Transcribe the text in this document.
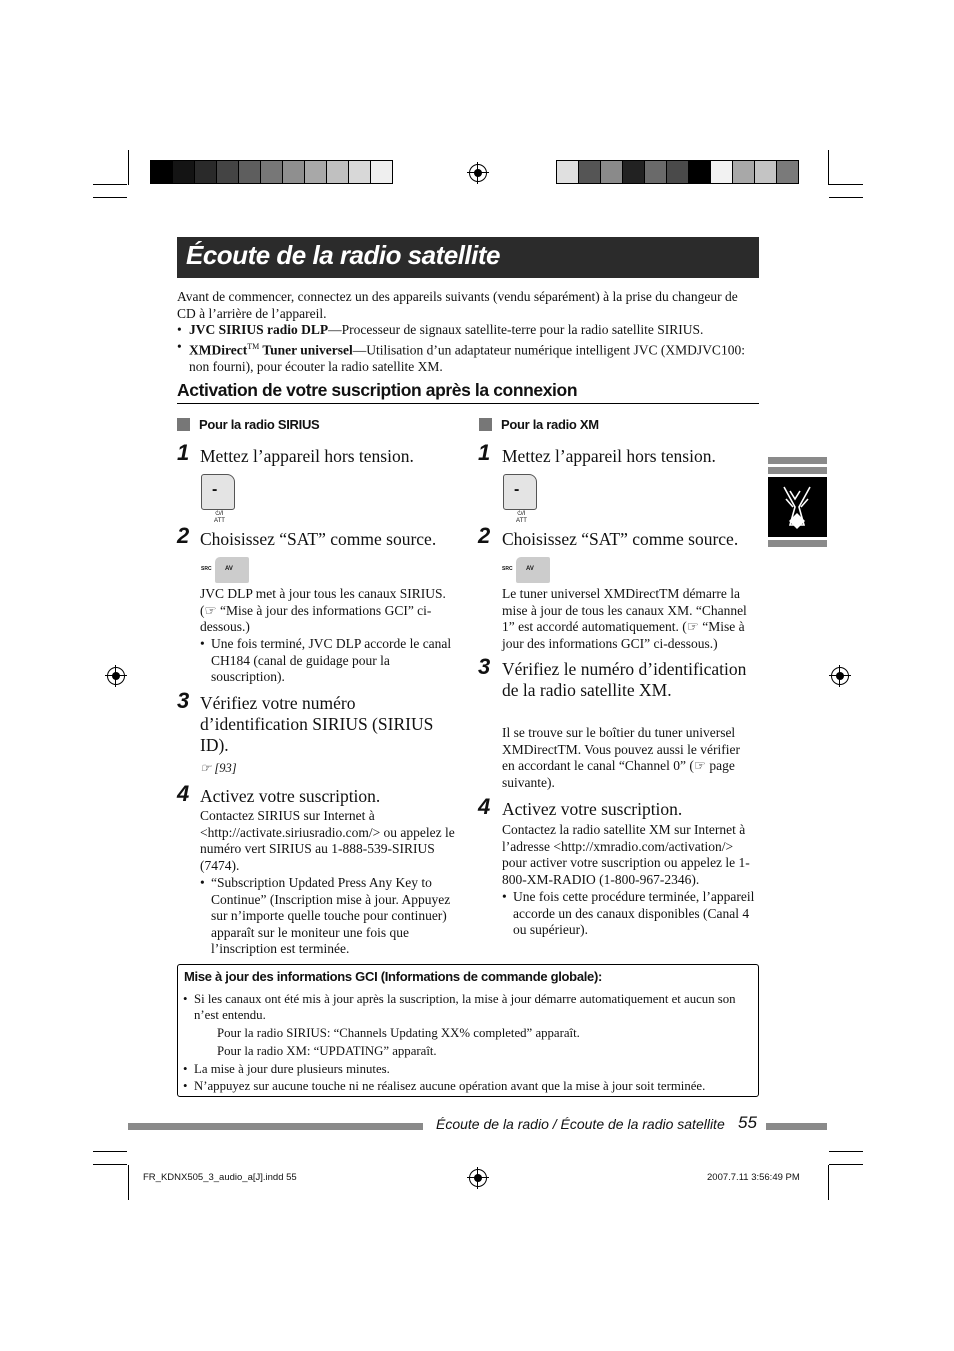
Écoute de la radio satellite
Avant de commencer, connectez un des appareils suivants (vendu séparément) à la prise du changeur de CD à l’arrière de l’appareil.
• JVC SIRIUS radio DLP—Processeur de signaux satellite-terre pour la radio satellite SIRIUS.
• XMDirect™ Tuner universel—Utilisation d’un adaptateur numérique intelligent JVC (XMDJVC100: non fourni), pour écouter la radio satellite XM.
Activation de votre suscription après la connexion
Pour la radio SIRIUS
1 Mettez l’appareil hors tension.
-
⏻/I
ATT
2 Choisissez “SAT” comme source.
SRC AV
JVC DLP met à jour tous les canaux SIRIUS. (☞ “Mise à jour des informations GCI” ci-dessous.)
• Une fois terminé, JVC DLP accorde le canal CH184 (canal de guidage pour la souscription).
3 Vérifiez votre numéro d’identification SIRIUS (SIRIUS ID).
☞ [93]
4 Activez votre suscription.
Contactez SIRIUS sur Internet à <http://activate.siriusradio.com/> ou appelez le numéro vert SIRIUS au 1-888-539-SIRIUS (7474).
• “Subscription Updated Press Any Key to Continue” (Inscription mise à jour. Appuyez sur n’importe quelle touche pour continuer) apparaît sur le moniteur une fois que l’inscription est terminée.
Pour la radio XM
1 Mettez l’appareil hors tension.
-
⏻/I
ATT
2 Choisissez “SAT” comme source.
SRC AV
Le tuner universel XMDirectTM démarre la mise à jour de tous les canaux XM. “Channel 1” est accordé automatiquement. (☞ “Mise à jour des informations GCI” ci-dessous.)
3 Vérifiez le numéro d’identification de la radio satellite XM.
Il se trouve sur le boîtier du tuner universel XMDirectTM. Vous pouvez aussi le vérifier en accordant le canal “Channel 0” (☞ page suivante).
4 Activez votre suscription.
Contactez la radio satellite XM sur Internet à l’adresse <http://xmradio.com/activation/> pour activer votre suscription ou appelez le 1-800-XM-RADIO (1-800-967-2346).
• Une fois cette procédure terminée, l’appareil accorde un des canaux disponibles (Canal 4 ou supérieur).
Mise à jour des informations GCI (Informations de commande globale):
• Si les canaux ont été mis à jour après la suscription, la mise à jour démarre automatiquement et aucun son n’est entendu.
Pour la radio SIRIUS: “Channels Updating XX% completed” apparaît.
Pour la radio XM: “UPDATING” apparaît.
• La mise à jour dure plusieurs minutes.
• N’appuyez sur aucune touche ni ne réalisez aucune opération avant que la mise à jour soit terminée.
Écoute de la radio / Écoute de la radio satellite 55
FR_KDNX505_3_audio_a[J].indd 55	2007.7.11 3:56:49 PM
